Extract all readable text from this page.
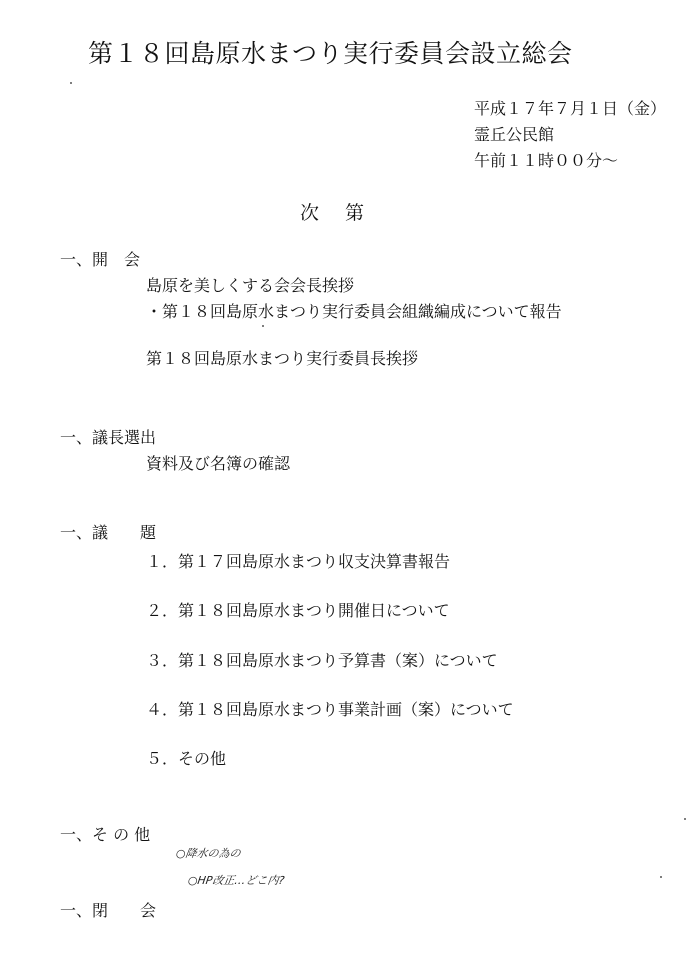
第１８回島原水まつり実行委員会設立総会
平成１７年７月１日（金）
霊丘公民館
午前１１時００分～
次第
一、開　会
島原を美しくする会会長挨拶
・第１８回島原水まつり実行委員会組織編成について報告
第１８回島原水まつり実行委員長挨拶
一、議長選出
資料及び名簿の確認
一、議　　題
１．第１７回島原水まつり収支決算書報告
２．第１８回島原水まつり開催日について
３．第１８回島原水まつり予算書（案）について
４．第１８回島原水まつり事業計画（案）について
５．その他
一、そ の 他
○降水の為の
○HP改正…どこ内?
一、閉　　会
